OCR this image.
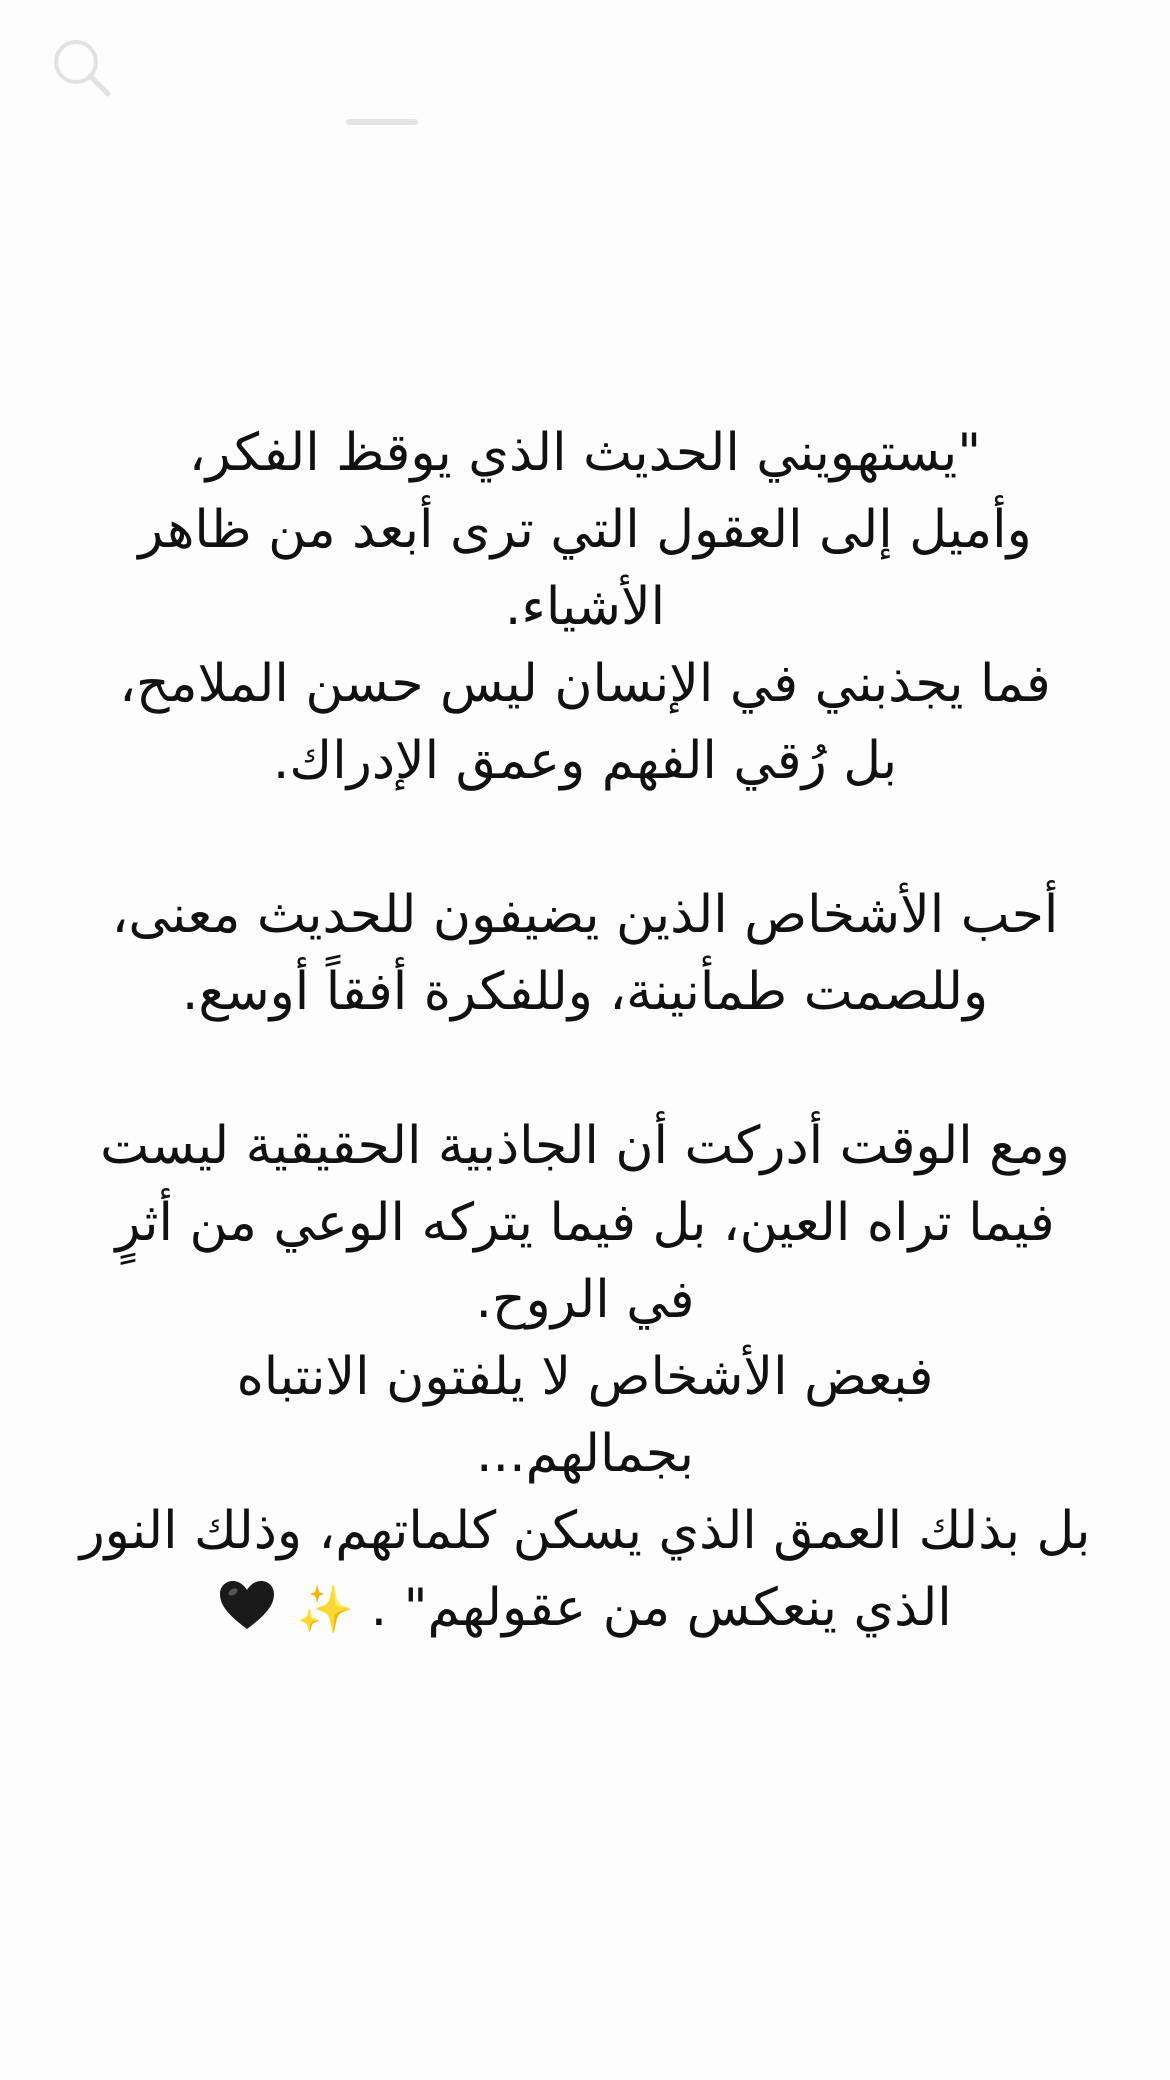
"يستهويني الحديث الذي يوقظ الفكر،
وأميل إلى العقول التي ترى أبعد من ظاهر
الأشياء.
فما يجذبني في الإنسان ليس حسن الملامح،
بل رُقي الفهم وعمق الإدراك.
أحب الأشخاص الذين يضيفون للحديث معنى،
وللصمت طمأنينة، وللفكرة أفقاً أوسع.
ومع الوقت أدركت أن الجاذبية الحقيقية ليست
فيما تراه العين، بل فيما يتركه الوعي من أثرٍ
في الروح.
فبعض الأشخاص لا يلفتون الانتباه
بجمالهم...
بل بذلك العمق الذي يسكن كلماتهم، وذلك النور
الذي ينعكس من عقولهم" . ✨
